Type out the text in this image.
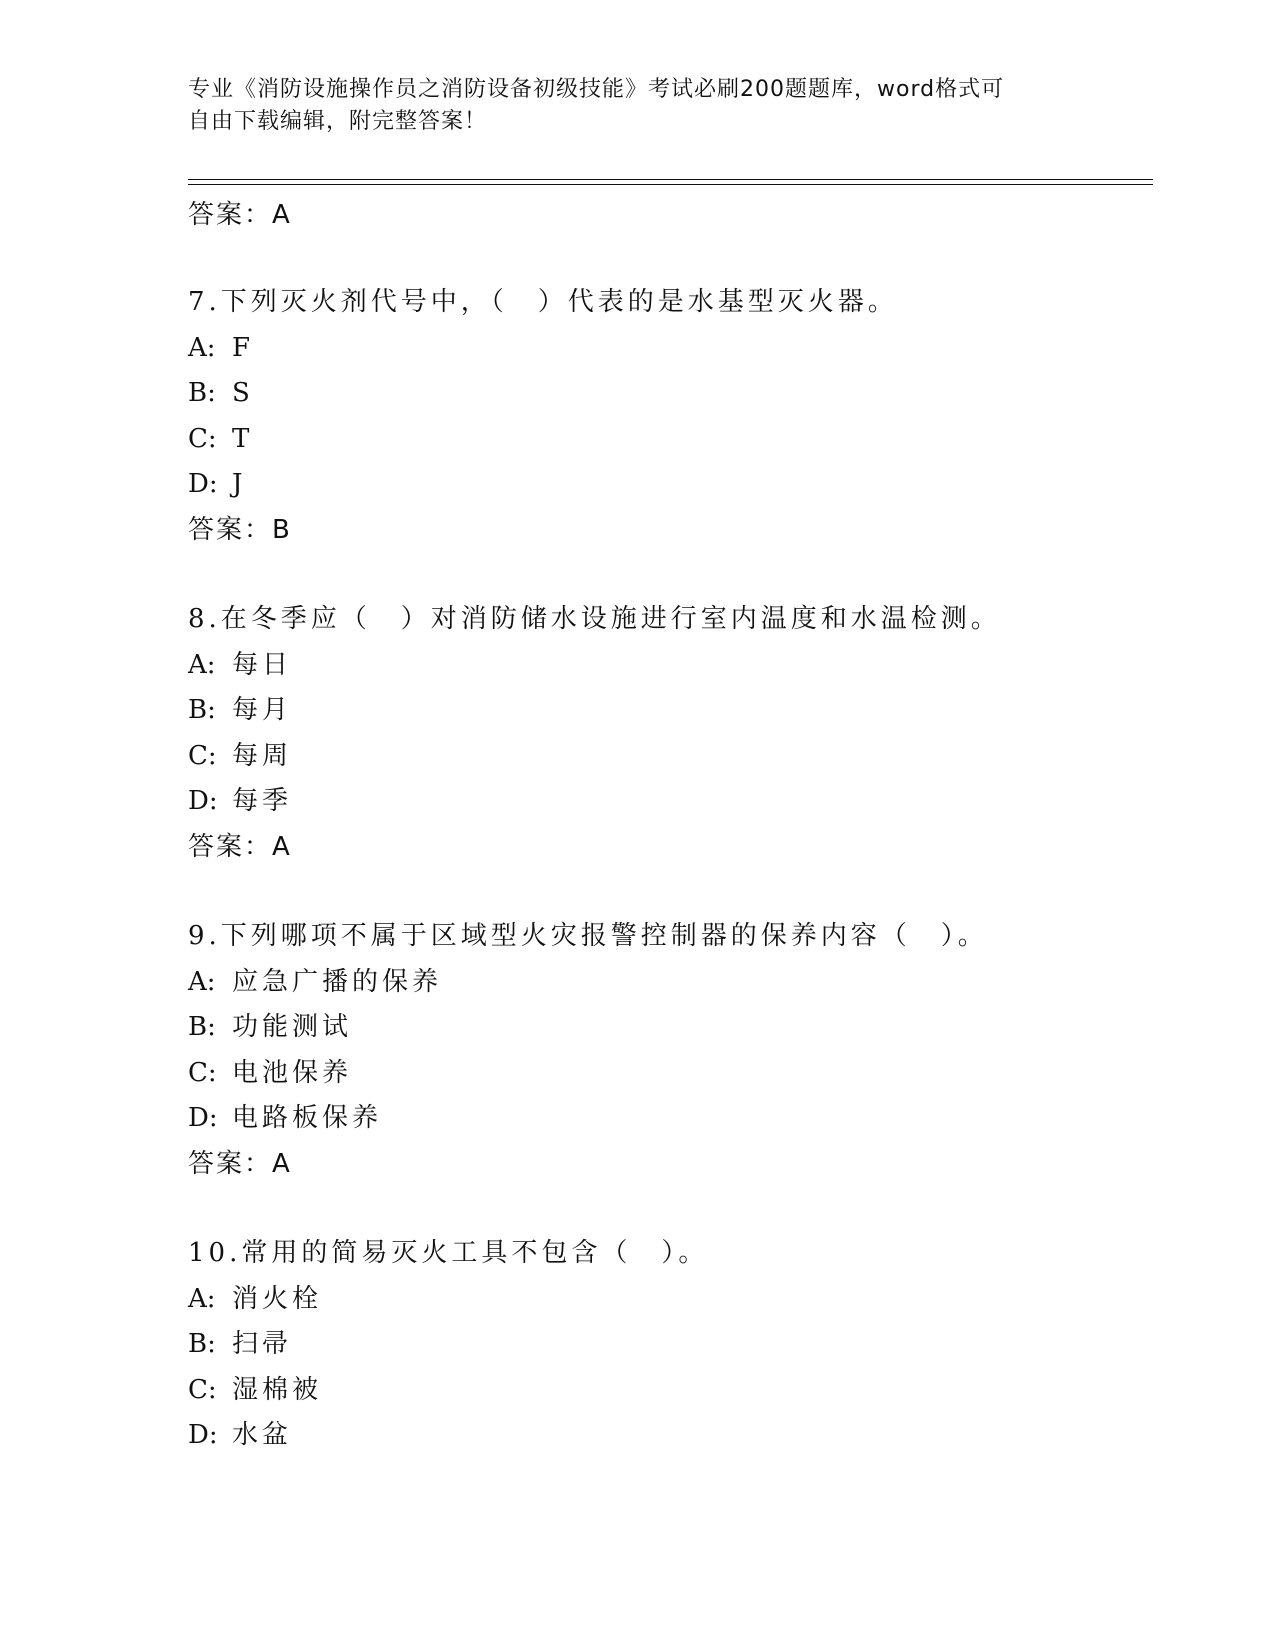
专业《消防设施操作员之消防设备初级技能》考试必刷200题题库，word格式可
自由下载编辑，附完整答案！
答案：A
7.下列灭火剂代号中，（　）代表的是水基型灭火器。
A: F
B: S
C: T
D: J
答案：B
8.在冬季应（　）对消防储水设施进行室内温度和水温检测。
A: 每日
B: 每月
C: 每周
D: 每季
答案：A
9.下列哪项不属于区域型火灾报警控制器的保养内容（　）。
A: 应急广播的保养
B: 功能测试
C: 电池保养
D: 电路板保养
答案：A
10.常用的简易灭火工具不包含（　）。
A: 消火栓
B: 扫帚
C: 湿棉被
D: 水盆
